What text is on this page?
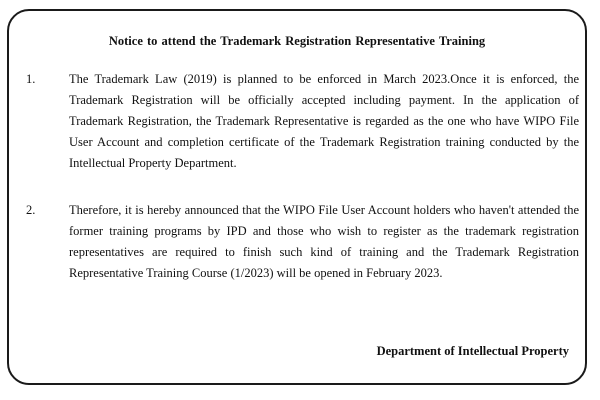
Notice to attend the Trademark Registration Representative Training
1.	The Trademark Law (2019) is planned to be enforced in March 2023.Once it is enforced, the Trademark Registration will be officially accepted including payment. In the application of Trademark Registration, the Trademark Representative is regarded as the one who have WIPO File User Account and completion certificate of the Trademark Registration training conducted by the Intellectual Property Department.
2.	Therefore, it is hereby announced that the WIPO File User Account holders who haven't attended the former training programs by IPD and those who wish to register as the trademark registration representatives are required to finish such kind of training and the Trademark Registration Representative Training Course (1/2023) will be opened in February 2023.
Department of Intellectual Property
